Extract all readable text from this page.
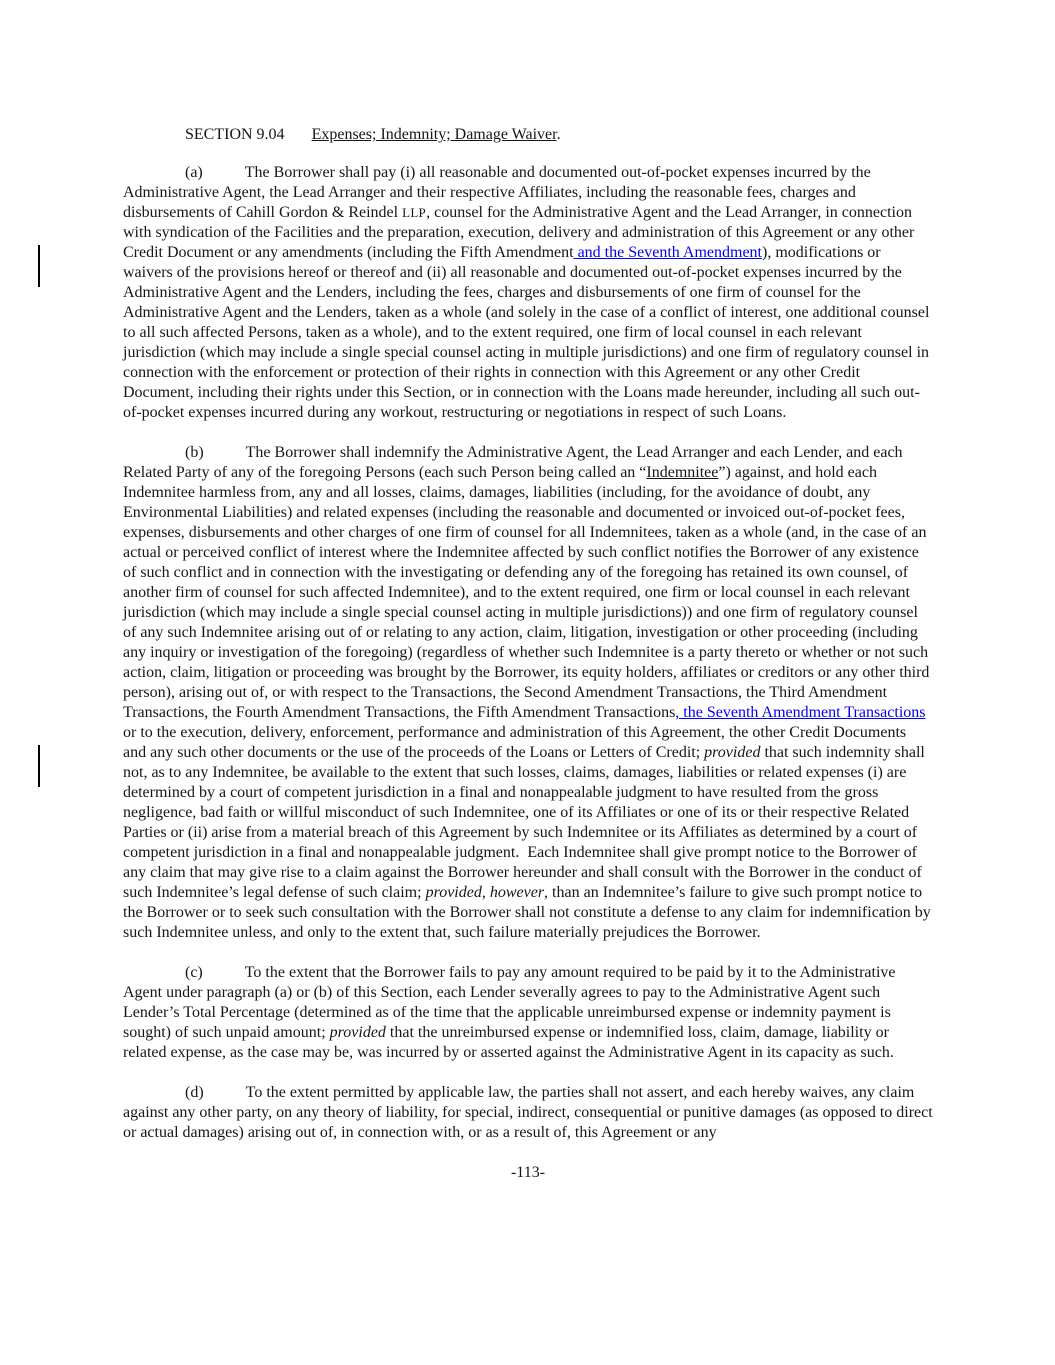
SECTION 9.04 Expenses; Indemnity; Damage Waiver.

(a)	The Borrower shall pay (i) all reasonable and documented out-of-pocket expenses incurred by the Administrative Agent, the Lead Arranger and their respective Affiliates, including the reasonable fees, charges and disbursements of Cahill Gordon & Reindel LLP, counsel for the Administrative Agent and the Lead Arranger, in connection with syndication of the Facilities and the preparation, execution, delivery and administration of this Agreement or any other Credit Document or any amendments (including the Fifth Amendment and the Seventh Amendment), modifications or waivers of the provisions hereof or thereof and (ii) all reasonable and documented out-of-pocket expenses incurred by the Administrative Agent and the Lenders, including the fees, charges and disbursements of one firm of counsel for the Administrative Agent and the Lenders, taken as a whole (and solely in the case of a conflict of interest, one additional counsel to all such affected Persons, taken as a whole), and to the extent required, one firm of local counsel in each relevant jurisdiction (which may include a single special counsel acting in multiple jurisdictions) and one firm of regulatory counsel in connection with the enforcement or protection of their rights in connection with this Agreement or any other Credit Document, including their rights under this Section, or in connection with the Loans made hereunder, including all such out-of-pocket expenses incurred during any workout, restructuring or negotiations in respect of such Loans.

(b)	The Borrower shall indemnify the Administrative Agent, the Lead Arranger and each Lender, and each Related Party of any of the foregoing Persons (each such Person being called an “Indemnitee”) against, and hold each Indemnitee harmless from, any and all losses, claims, damages, liabilities (including, for the avoidance of doubt, any Environmental Liabilities) and related expenses (including the reasonable and documented or invoiced out-of-pocket fees, expenses, disbursements and other charges of one firm of counsel for all Indemnitees, taken as a whole (and, in the case of an actual or perceived conflict of interest where the Indemnitee affected by such conflict notifies the Borrower of any existence of such conflict and in connection with the investigating or defending any of the foregoing has retained its own counsel, of another firm of counsel for such affected Indemnitee), and to the extent required, one firm or local counsel in each relevant jurisdiction (which may include a single special counsel acting in multiple jurisdictions)) and one firm of regulatory counsel of any such Indemnitee arising out of or relating to any action, claim, litigation, investigation or other proceeding (including any inquiry or investigation of the foregoing) (regardless of whether such Indemnitee is a party thereto or whether or not such action, claim, litigation or proceeding was brought by the Borrower, its equity holders, affiliates or creditors or any other third person), arising out of, or with respect to the Transactions, the Second Amendment Transactions, the Third Amendment Transactions, the Fourth Amendment Transactions, the Fifth Amendment Transactions, the Seventh Amendment Transactions or to the execution, delivery, enforcement, performance and administration of this Agreement, the other Credit Documents and any such other documents or the use of the proceeds of the Loans or Letters of Credit; provided that such indemnity shall not, as to any Indemnitee, be available to the extent that such losses, claims, damages, liabilities or related expenses (i) are determined by a court of competent jurisdiction in a final and nonappealable judgment to have resulted from the gross negligence, bad faith or willful misconduct of such Indemnitee, one of its Affiliates or one of its or their respective Related Parties or (ii) arise from a material breach of this Agreement by such Indemnitee or its Affiliates as determined by a court of competent jurisdiction in a final and nonappealable judgment.  Each Indemnitee shall give prompt notice to the Borrower of any claim that may give rise to a claim against the Borrower hereunder and shall consult with the Borrower in the conduct of such Indemnitee’s legal defense of such claim; provided, however, than an Indemnitee’s failure to give such prompt notice to the Borrower or to seek such consultation with the Borrower shall not constitute a defense to any claim for indemnification by such Indemnitee unless, and only to the extent that, such failure materially prejudices the Borrower.

(c)	To the extent that the Borrower fails to pay any amount required to be paid by it to the Administrative Agent under paragraph (a) or (b) of this Section, each Lender severally agrees to pay to the Administrative Agent such Lender’s Total Percentage (determined as of the time that the applicable unreimbursed expense or indemnity payment is sought) of such unpaid amount; provided that the unreimbursed expense or indemnified loss, claim, damage, liability or related expense, as the case may be, was incurred by or asserted against the Administrative Agent in its capacity as such.

(d)	To the extent permitted by applicable law, the parties shall not assert, and each hereby waives, any claim against any other party, on any theory of liability, for special, indirect, consequential or punitive damages (as opposed to direct or actual damages) arising out of, in connection with, or as a result of, this Agreement or any

-113-
